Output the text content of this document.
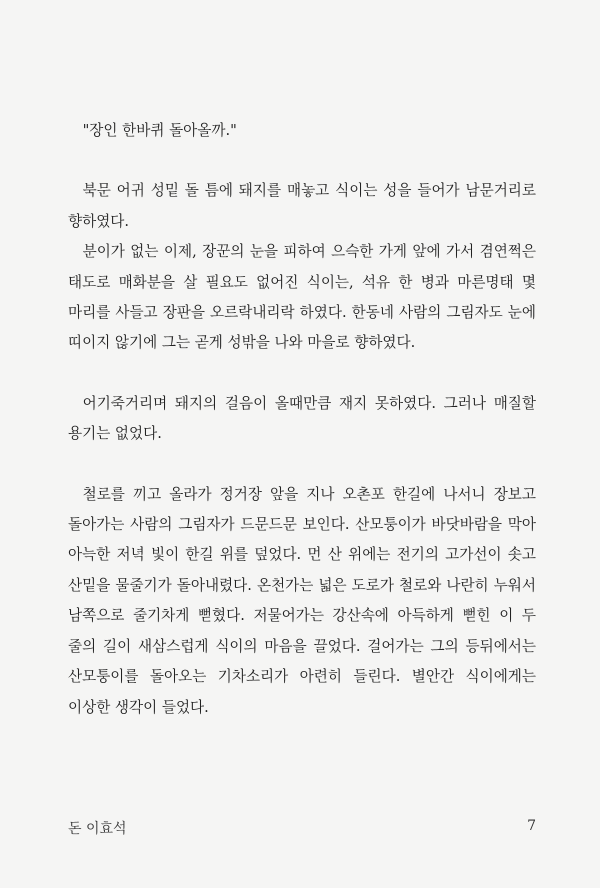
"장인 한바퀴 돌아올까."

북문 어귀 성밑 돌 틈에 돼지를 매놓고 식이는 성을 들어가 남문거리로 향하였다.

분이가 없는 이제, 장꾼의 눈을 피하여 으슥한 가게 앞에 가서 겸연쩍은 태도로 매화분을 살 필요도 없어진 식이는, 석유 한 병과 마른명태 몇 마리를 사들고 장판을 오르락내리락 하였다. 한동네 사람의 그림자도 눈에 띠이지 않기에 그는 곧게 성밖을 나와 마을로 향하였다.

어기죽거리며 돼지의 걸음이 올때만큼 재지 못하였다. 그러나 매질할 용기는 없었다.

철로를 끼고 올라가 정거장 앞을 지나 오촌포 한길에 나서니 장보고 돌아가는 사람의 그림자가 드문드문 보인다. 산모퉁이가 바닷바람을 막아 아늑한 저녁 빛이 한길 위를 덮었다. 먼 산 위에는 전기의 고가선이 솟고 산밑을 물줄기가 돌아내렸다. 온천가는 넓은 도로가 철로와 나란히 누워서 남쪽으로 줄기차게 뻗혔다. 저물어가는 강산속에 아득하게 뻗힌 이 두 줄의 길이 새삼스럽게 식이의 마음을 끌었다. 걸어가는 그의 등뒤에서는 산모퉁이를 돌아오는 기차소리가 아련히 들린다. 별안간 식이에게는 이상한 생각이 들었다.

돈 이효석	7
